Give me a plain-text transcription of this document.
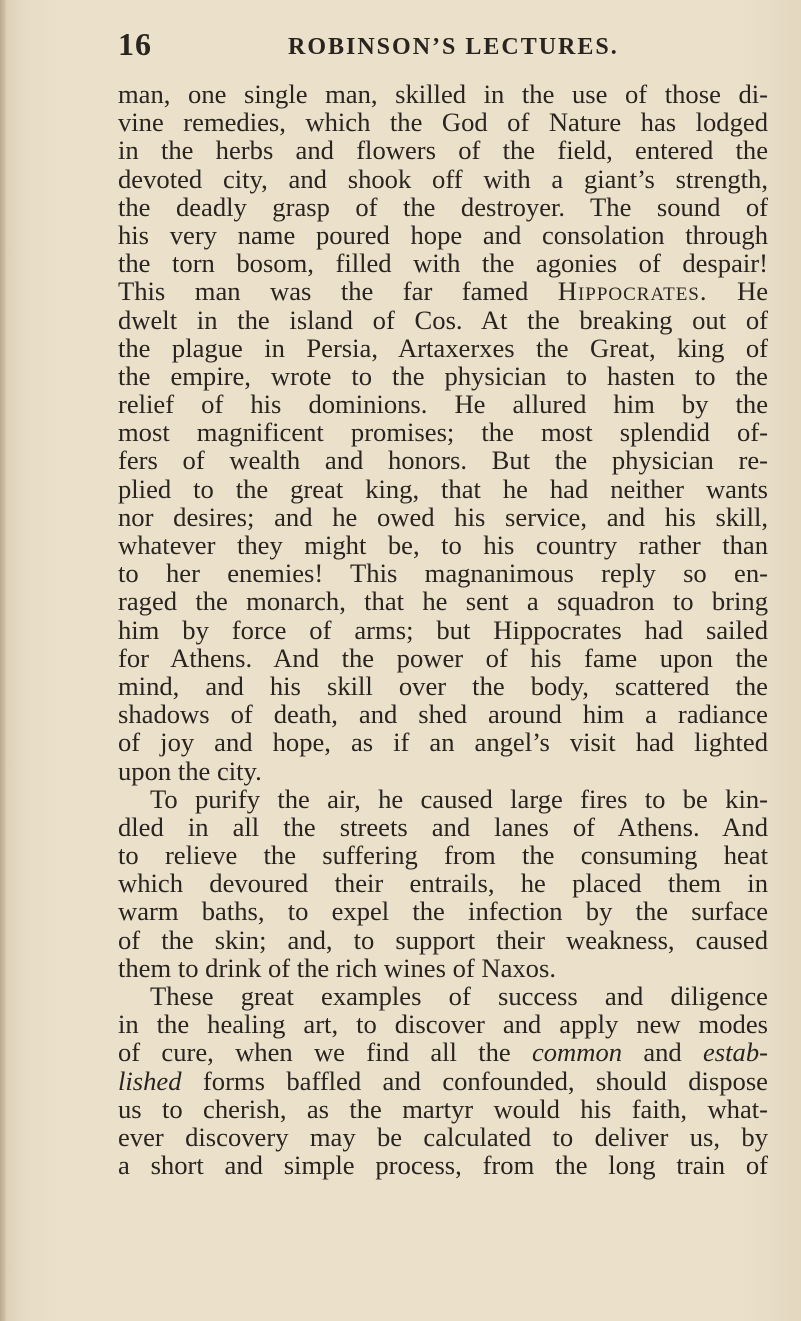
16	ROBINSON’S LECTURES.
man, one single man, skilled in the use of those di-
vine remedies, which the God of Nature has lodged
in the herbs and flowers of the field, entered the
devoted city, and shook off with a giant’s strength,
the deadly grasp of the destroyer. The sound of
his very name poured hope and consolation through
the torn bosom, filled with the agonies of despair!
This man was the far famed Hippocrates. He
dwelt in the island of Cos. At the breaking out of
the plague in Persia, Artaxerxes the Great, king of
the empire, wrote to the physician to hasten to the
relief of his dominions. He allured him by the
most magnificent promises; the most splendid of-
fers of wealth and honors. But the physician re-
plied to the great king, that he had neither wants
nor desires; and he owed his service, and his skill,
whatever they might be, to his country rather than
to her enemies! This magnanimous reply so en-
raged the monarch, that he sent a squadron to bring
him by force of arms; but Hippocrates had sailed
for Athens. And the power of his fame upon the
mind, and his skill over the body, scattered the
shadows of death, and shed around him a radiance
of joy and hope, as if an angel’s visit had lighted
upon the city.
To purify the air, he caused large fires to be kin-
dled in all the streets and lanes of Athens. And
to relieve the suffering from the consuming heat
which devoured their entrails, he placed them in
warm baths, to expel the infection by the surface
of the skin; and, to support their weakness, caused
them to drink of the rich wines of Naxos.
These great examples of success and diligence
in the healing art, to discover and apply new modes
of cure, when we find all the common and estab-
lished forms baffled and confounded, should dispose
us to cherish, as the martyr would his faith, what-
ever discovery may be calculated to deliver us, by
a short and simple process, from the long train of
